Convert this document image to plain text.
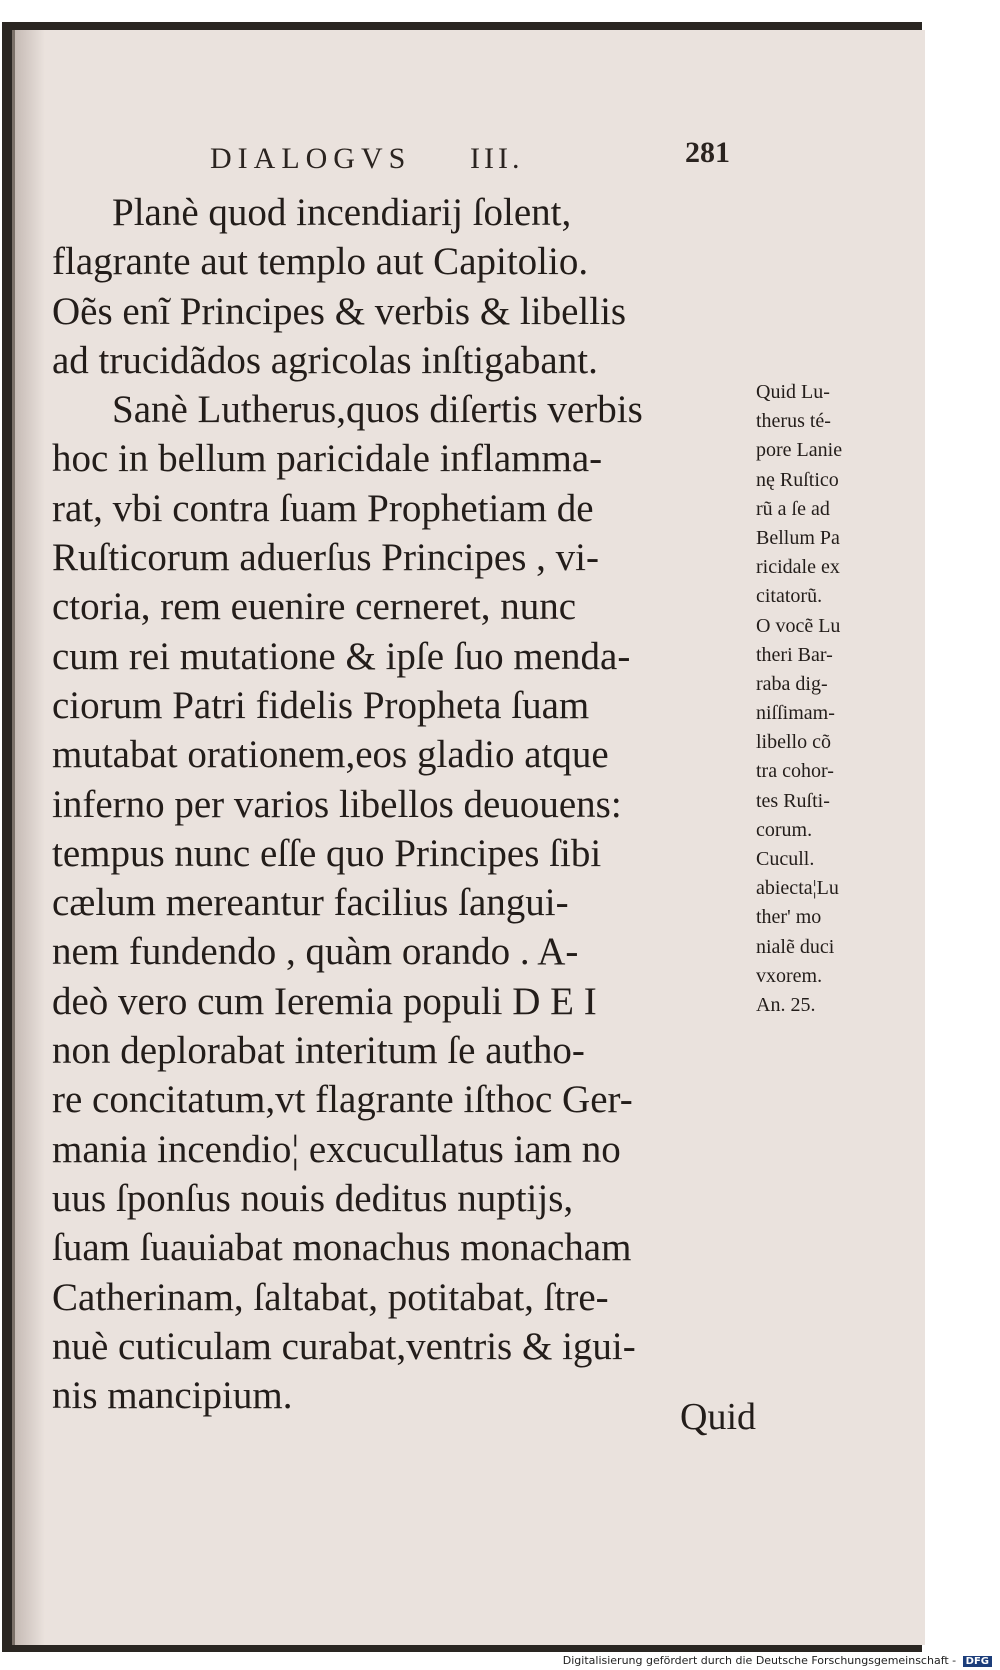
DIALOGVS III.	281
Planè quod incendiarij ſolent,
flagrante aut templo aut Capitolio.
Oẽs enĩ Principes & verbis & libellis
ad trucidãdos agricolas inſtigabant.
Sanè Lutherus,quos diſertis verbis
hoc in bellum paricidale inflamma-
rat, vbi contra ſuam Prophetiam de
Ruſticorum aduerſus Principes , vi-
ctoria, rem euenire cerneret, nunc
cum rei mutatione & ipſe ſuo menda-
ciorum Patri fidelis Propheta ſuam
mutabat orationem,eos gladio atque
inferno per varios libellos deuouens:
tempus nunc eſſe quo Principes ſibi
cælum mereantur facilius ſangui-
nem fundendo , quàm orando . A-
deò vero cum Ieremia populi D E I
non deplorabat interitum ſe autho-
re concitatum,vt flagrante iſthoc Ger-
mania incendio¦ excucullatus iam no
uus ſponſus nouis deditus nuptijs,
ſuam ſuauiabat monachus monacham
Catherinam, ſaltabat, potitabat, ſtre-
nuè cuticulam curabat,ventris & igui-
nis mancipium.
Quid Lu-
therus té-
pore Lanie
nę Ruſtico
rũ a ſe ad
Bellum Pa
ricidale ex
citatorũ.
O vocẽ Lu
theri Bar-
raba dig-
niſſimam-
libello cõ
tra cohor-
tes Ruſti-
corum.
Cucull.
abiecta¦Lu
ther' mo
nialẽ duci
vxorem.
An. 25.
Quid
Digitalisierung gefördert durch die Deutsche Forschungsgemeinschaft - DFG
